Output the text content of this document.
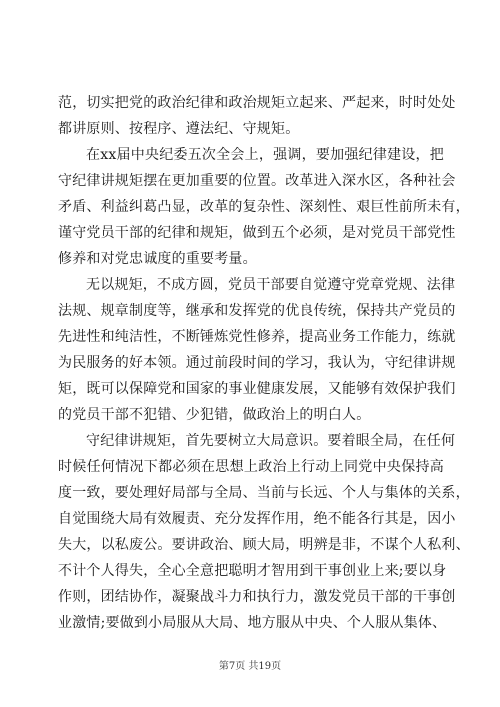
范，切实把党的政治纪律和政治规矩立起来、严起来，时时处处
都讲原则、按程序、遵法纪、守规矩。
在xx届中央纪委五次全会上，强调，要加强纪律建设，把
守纪律讲规矩摆在更加重要的位置。改革进入深水区，各种社会
矛盾、利益纠葛凸显，改革的复杂性、深刻性、艰巨性前所未有，
谨守党员干部的纪律和规矩，做到五个必须，是对党员干部党性
修养和对党忠诚度的重要考量。
无以规矩，不成方圆，党员干部要自觉遵守党章党规、法律
法规、规章制度等，继承和发挥党的优良传统，保持共产党员的
先进性和纯洁性，不断锤炼党性修养，提高业务工作能力，练就
为民服务的好本领。通过前段时间的学习，我认为，守纪律讲规
矩，既可以保障党和国家的事业健康发展，又能够有效保护我们
的党员干部不犯错、少犯错，做政治上的明白人。
守纪律讲规矩，首先要树立大局意识。要着眼全局，在任何
时候任何情况下都必须在思想上政治上行动上同党中央保持高
度一致，要处理好局部与全局、当前与长远、个人与集体的关系，
自觉围绕大局有效履责、充分发挥作用，绝不能各行其是，因小
失大，以私废公。要讲政治、顾大局，明辨是非，不谋个人私利、
不计个人得失，全心全意把聪明才智用到干事创业上来;要以身
作则，团结协作，凝聚战斗力和执行力，激发党员干部的干事创
业激情;要做到小局服从大局、地方服从中央、个人服从集体、
第7页 共19页
